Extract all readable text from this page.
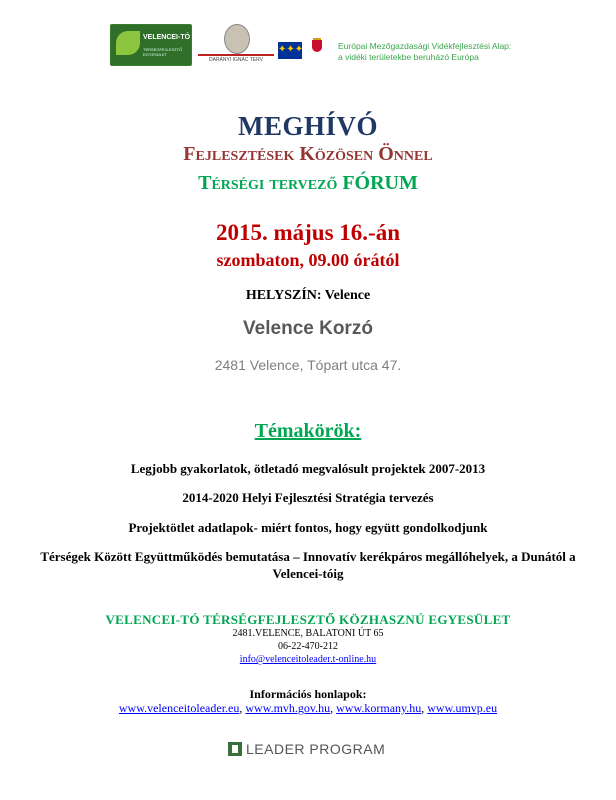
VELENCEI-TÓ
TÉRSÉGFEJLESZTŐ EGYESÜLET
DARÁNYI IGNÁC TERV
✦✦✦	Európai Mezőgazdasági Vidékfejlesztési Alap:
a vidéki területekbe beruházó Európa
MEGHÍVÓ
Fejlesztések Közösen Önnel
Térségi tervező FÓRUM
2015. május 16.-án
szombaton, 09.00 órától
HELYSZÍN: Velence
Velence Korzó
2481 Velence, Tópart utca 47.
Témakörök:
Legjobb gyakorlatok, ötletadó megvalósult projektek 2007-2013
2014-2020 Helyi Fejlesztési Stratégia tervezés
Projektötlet adatlapok- miért fontos, hogy együtt gondolkodjunk
Térségek Között Együttműködés bemutatása – Innovatív kerékpáros megállóhelyek, a Dunától a Velencei-tóig
VELENCEI-TÓ TÉRSÉGFEJLESZTŐ KÖZHASZNÚ EGYESÜLET
2481.VELENCE, BALATONI ÚT 65
06-22-470-212
info@velenceitoleader.t-online.hu
Információs honlapok:
www.velenceitoleader.eu, www.mvh.gov.hu, www.kormany.hu, www.umvp.eu
LEADER PROGRAM
